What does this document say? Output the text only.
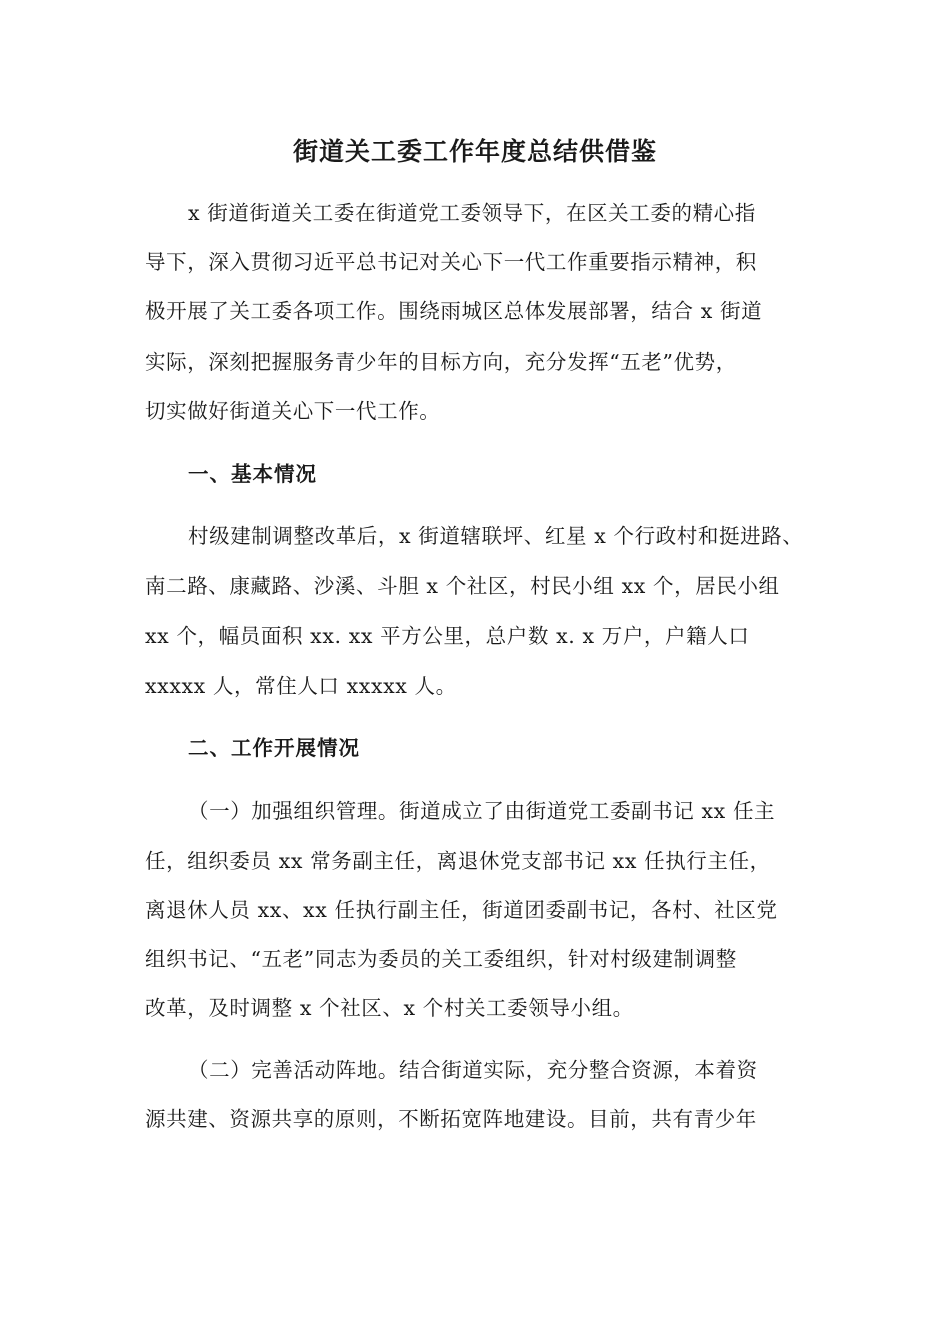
街道关工委工作年度总结供借鉴
x 街道街道关工委在街道党工委领导下，在区关工委的精心指
导下，深入贯彻习近平总书记对关心下一代工作重要指示精神，积
极开展了关工委各项工作。围绕雨城区总体发展部署，结合 x 街道
实际，深刻把握服务青少年的目标方向，充分发挥“五老”优势，
切实做好街道关心下一代工作。
一、基本情况
村级建制调整改革后，x 街道辖联坪、红星 x 个行政村和挺进路、
南二路、康藏路、沙溪、斗胆 x 个社区，村民小组 xx 个，居民小组
xx 个，幅员面积 xx. xx 平方公里，总户数 x. x 万户，户籍人口
xxxxx 人，常住人口 xxxxx 人。
二、工作开展情况
（一）加强组织管理。街道成立了由街道党工委副书记 xx 任主
任，组织委员 xx 常务副主任，离退休党支部书记 xx 任执行主任，
离退休人员 xx、xx 任执行副主任，街道团委副书记，各村、社区党
组织书记、“五老”同志为委员的关工委组织，针对村级建制调整
改革，及时调整 x 个社区、x 个村关工委领导小组。
（二）完善活动阵地。结合街道实际，充分整合资源，本着资
源共建、资源共享的原则，不断拓宽阵地建设。目前，共有青少年
